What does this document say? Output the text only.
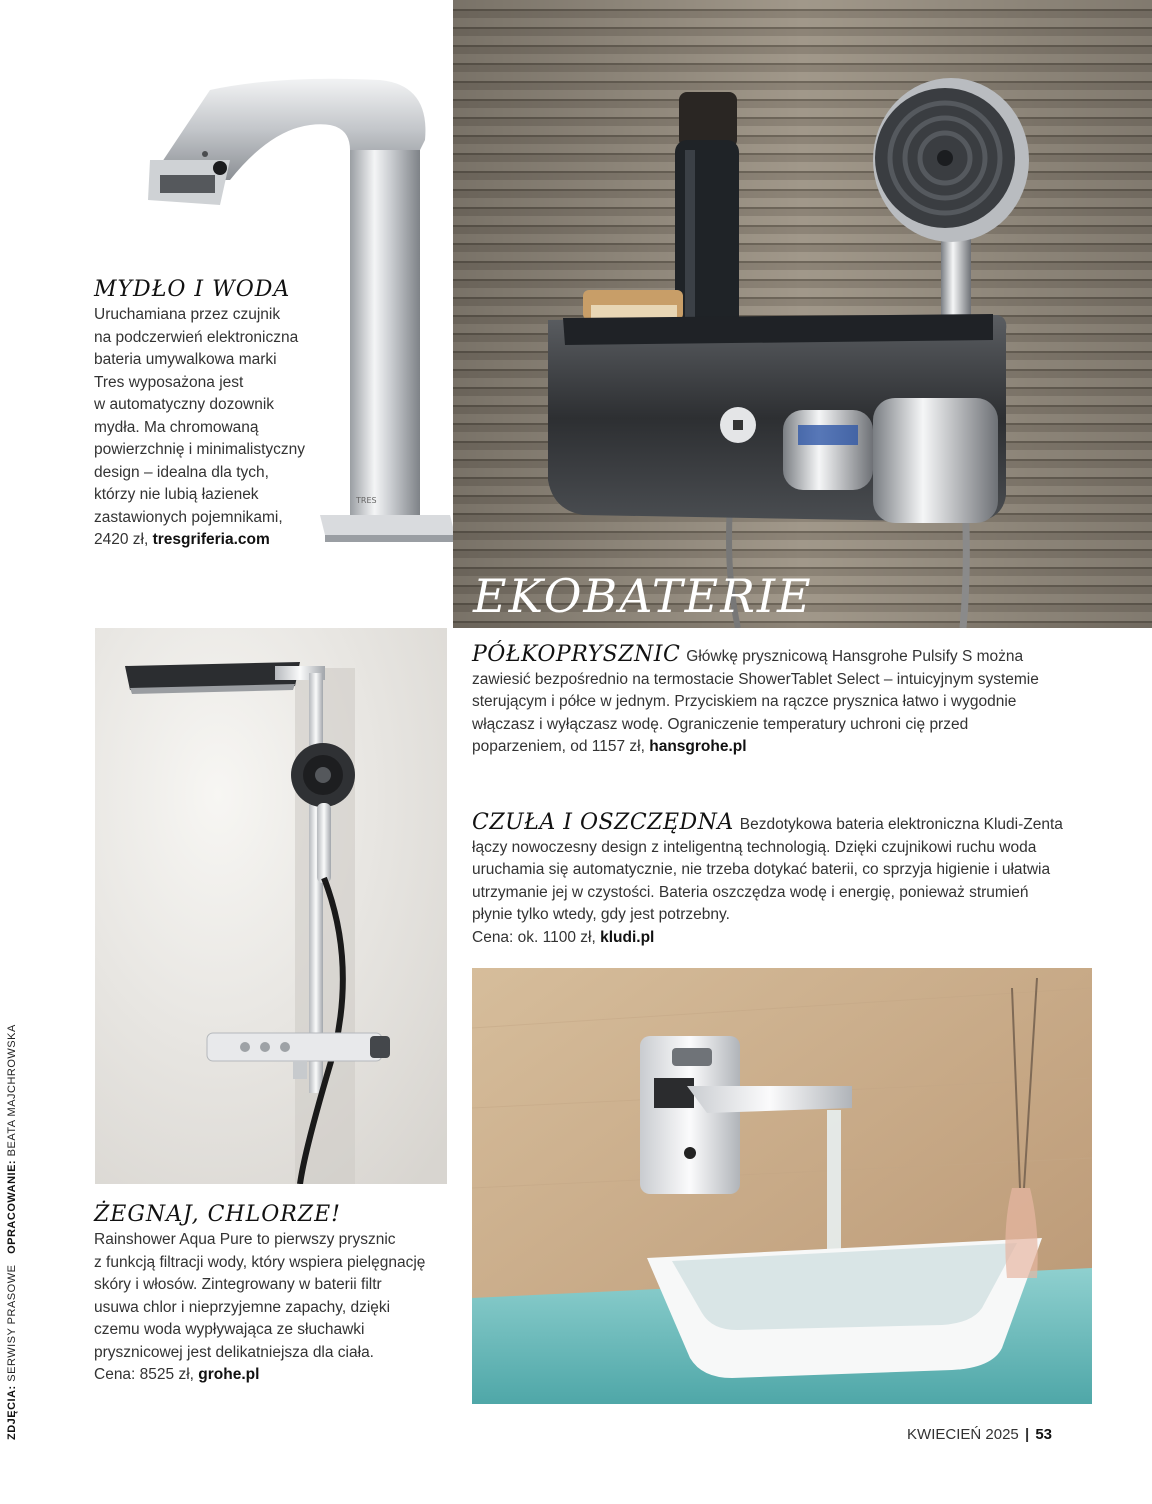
TRES
MYDŁO I WODA
Uruchamiana przez czujnik
na podczerwień elektroniczna
bateria umywalkowa marki
Tres wyposażona jest
w automatyczny dozownik
mydła. Ma chromowaną
powierzchnię i minimalistyczny
design – idealna dla tych,
którzy nie lubią łazienek
zastawionych pojemnikami,
2420 zł, tresgriferia.com
EKOBATERIE
PÓŁKOPRYSZNIC Główkę prysznicową Hansgrohe Pulsify S można
zawiesić bezpośrednio na termostacie ShowerTablet Select – intuicyjnym systemie
sterującym i półce w jednym. Przyciskiem na rączce prysznica łatwo i wygodnie
włączasz i wyłączasz wodę. Ograniczenie temperatury uchroni cię przed
poparzeniem, od 1157 zł, hansgrohe.pl
CZUŁA I OSZCZĘDNA Bezdotykowa bateria elektroniczna Kludi-Zenta
łączy nowoczesny design z inteligentną technologią. Dzięki czujnikowi ruchu woda
uruchamia się automatycznie, nie trzeba dotykać baterii, co sprzyja higienie i ułatwia
utrzymanie jej w czystości. Bateria oszczędza wodę i energię, ponieważ strumień
płynie tylko wtedy, gdy jest potrzebny.
Cena: ok. 1100 zł, kludi.pl
ŻEGNAJ, CHLORZE!
Rainshower Aqua Pure to pierwszy prysznic
z funkcją filtracji wody, który wspiera pielęgnację
skóry i włosów. Zintegrowany w baterii filtr
usuwa chlor i nieprzyjemne zapachy, dzięki
czemu woda wypływająca ze słuchawki
prysznicowej jest delikatniejsza dla ciała.
Cena: 8525 zł, grohe.pl
ZDJĘCIA: SERWISY PRASOWE   OPRACOWANIE: BEATA MAJCHROWSKA
KWIECIEŃ 2025 | 53
